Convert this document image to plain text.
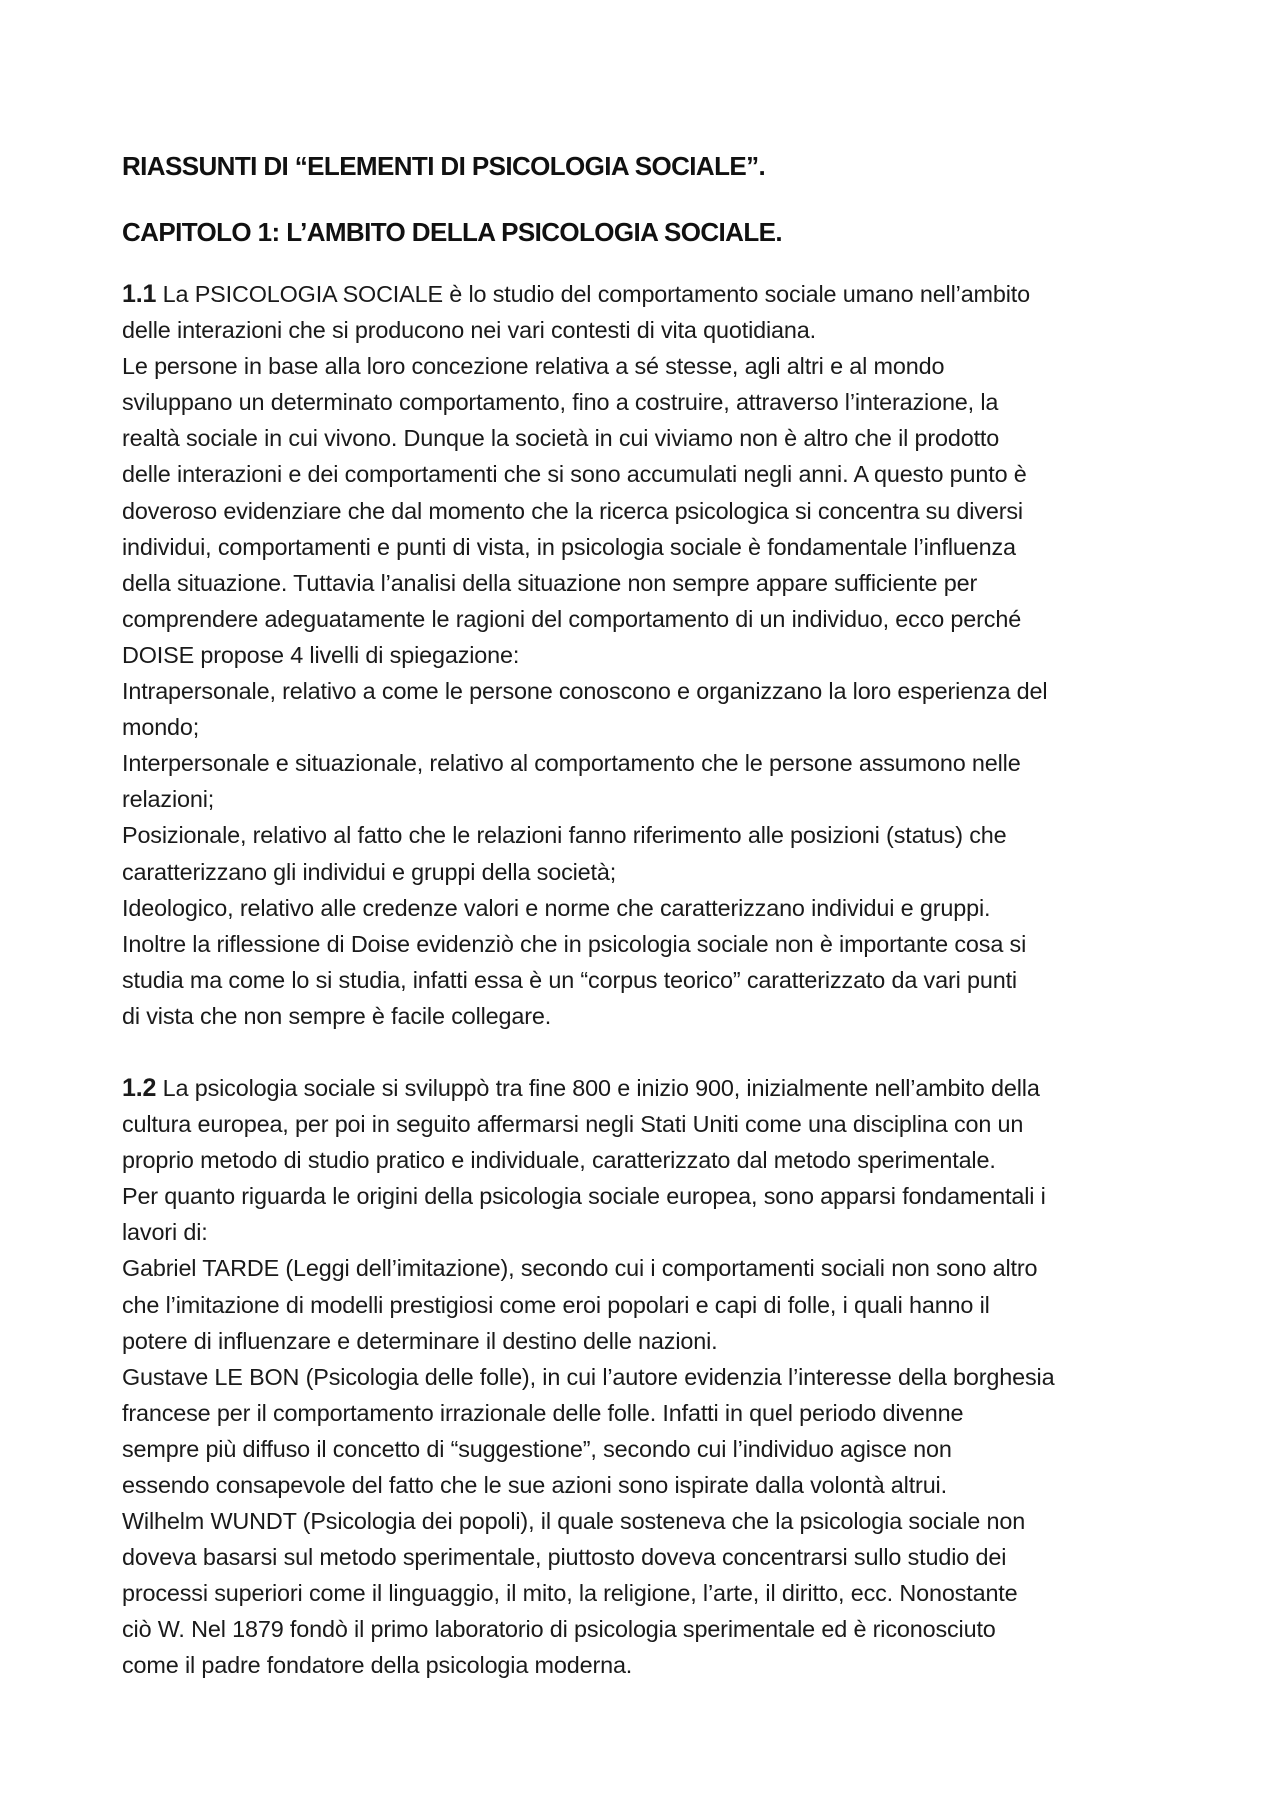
RIASSUNTI DI “ELEMENTI DI PSICOLOGIA SOCIALE”.
CAPITOLO 1: L’AMBITO DELLA PSICOLOGIA SOCIALE.
1.1 La PSICOLOGIA SOCIALE è lo studio del comportamento sociale umano nell’ambito
delle interazioni che si producono nei vari contesti di vita quotidiana.
Le persone in base alla loro concezione relativa a sé stesse, agli altri e al mondo
sviluppano un determinato comportamento, fino a costruire, attraverso l’interazione, la
realtà sociale in cui vivono. Dunque la società in cui viviamo non è altro che il prodotto
delle interazioni e dei comportamenti che si sono accumulati negli anni. A questo punto è
doveroso evidenziare che dal momento che la ricerca psicologica si concentra su diversi
individui, comportamenti e punti di vista, in psicologia sociale è fondamentale l’influenza
della situazione. Tuttavia l’analisi della situazione non sempre appare sufficiente per
comprendere adeguatamente le ragioni del comportamento di un individuo, ecco perché
DOISE propose 4 livelli di spiegazione:
Intrapersonale, relativo a come le persone conoscono e organizzano la loro esperienza del
mondo;
Interpersonale e situazionale, relativo al comportamento che le persone assumono nelle
relazioni;
Posizionale, relativo al fatto che le relazioni fanno riferimento alle posizioni (status) che
caratterizzano gli individui e gruppi della società;
Ideologico, relativo alle credenze valori e norme che caratterizzano individui e gruppi.
Inoltre la riflessione di Doise evidenziò che in psicologia sociale non è importante cosa si
studia ma come lo si studia, infatti essa è un “corpus teorico” caratterizzato da vari punti
di vista che non sempre è facile collegare.
1.2 La psicologia sociale si sviluppò tra fine 800 e inizio 900, inizialmente nell’ambito della
cultura europea, per poi in seguito affermarsi negli Stati Uniti come una disciplina con un
proprio metodo di studio pratico e individuale, caratterizzato dal metodo sperimentale.
Per quanto riguarda le origini della psicologia sociale europea, sono apparsi fondamentali i
lavori di:
Gabriel TARDE (Leggi dell’imitazione), secondo cui i comportamenti sociali non sono altro
che l’imitazione di modelli prestigiosi come eroi popolari e capi di folle, i quali hanno il
potere di influenzare e determinare il destino delle nazioni.
Gustave LE BON (Psicologia delle folle), in cui l’autore evidenzia l’interesse della borghesia
francese per il comportamento irrazionale delle folle. Infatti in quel periodo divenne
sempre più diffuso il concetto di “suggestione”, secondo cui l’individuo agisce non
essendo consapevole del fatto che le sue azioni sono ispirate dalla volontà altrui.
Wilhelm WUNDT (Psicologia dei popoli), il quale sosteneva che la psicologia sociale non
doveva basarsi sul metodo sperimentale, piuttosto doveva concentrarsi sullo studio dei
processi superiori come il linguaggio, il mito, la religione, l’arte, il diritto, ecc. Nonostante
ciò W. Nel 1879 fondò il primo laboratorio di psicologia sperimentale ed è riconosciuto
come il padre fondatore della psicologia moderna.
